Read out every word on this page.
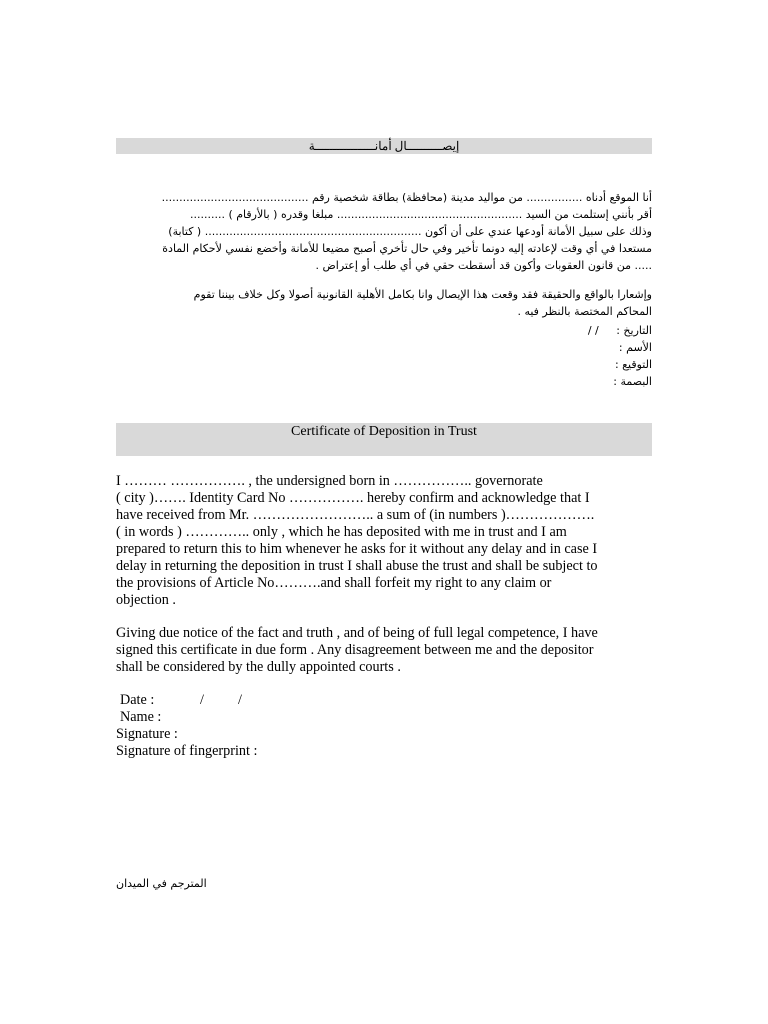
إيصــــــــــال أمانـــــــــــــــــة
أنا الموقع أدناه ................ من مواليد مدينة (محافظة) بطاقة شخصية رقم ..........................................
أقر بأنني إستلمت من السيد ..................................................... مبلغا وقدره ( بالأرقام ) ..........
وذلك على سبيل الأمانة أودعها عندي على أن أكون .............................................................. ( كتابة)
مستعدا في أي وقت لإعادته إليه دونما تأخير وفي حال تأخري أصبح مضيعا للأمانة وأخضع نفسي لأحكام المادة
..... من قانون العقوبات وأكون قد أسقطت حقي في أي طلب أو إعتراض .
وإشعارا بالواقع والحقيقة فقد وقعت هذا الإيصال وانا بكامل الأهلية القانونية أصولا وكل خلاف بيننا تقوم
المحاكم المختصة بالنظر فيه .
التاريخ : / /
الأسم :
التوقيع :
البصمة :
Certificate of Deposition in Trust
I ……… ……………. , the undersigned born in …………….. governorate
( city )……. Identity Card No ……………. hereby confirm and acknowledge that I
have received from Mr. …………………….. a sum of (in numbers )……………….
( in words ) ………….. only , which he has deposited with me in trust and I am
prepared to return this to him whenever he asks for it without any delay and in case I
delay in returning the deposition in trust I shall abuse the trust and shall be subject to
the provisions of Article No……….and shall forfeit my right to any claim or
objection .
Giving due notice of the fact and truth , and of being of full legal competence, I have
signed this certificate in due form . Any disagreement between me and the depositor
shall be considered by the dully appointed courts .
Date :	/ /
Name :
Signature :
Signature of fingerprint :
المترجم في الميدان
